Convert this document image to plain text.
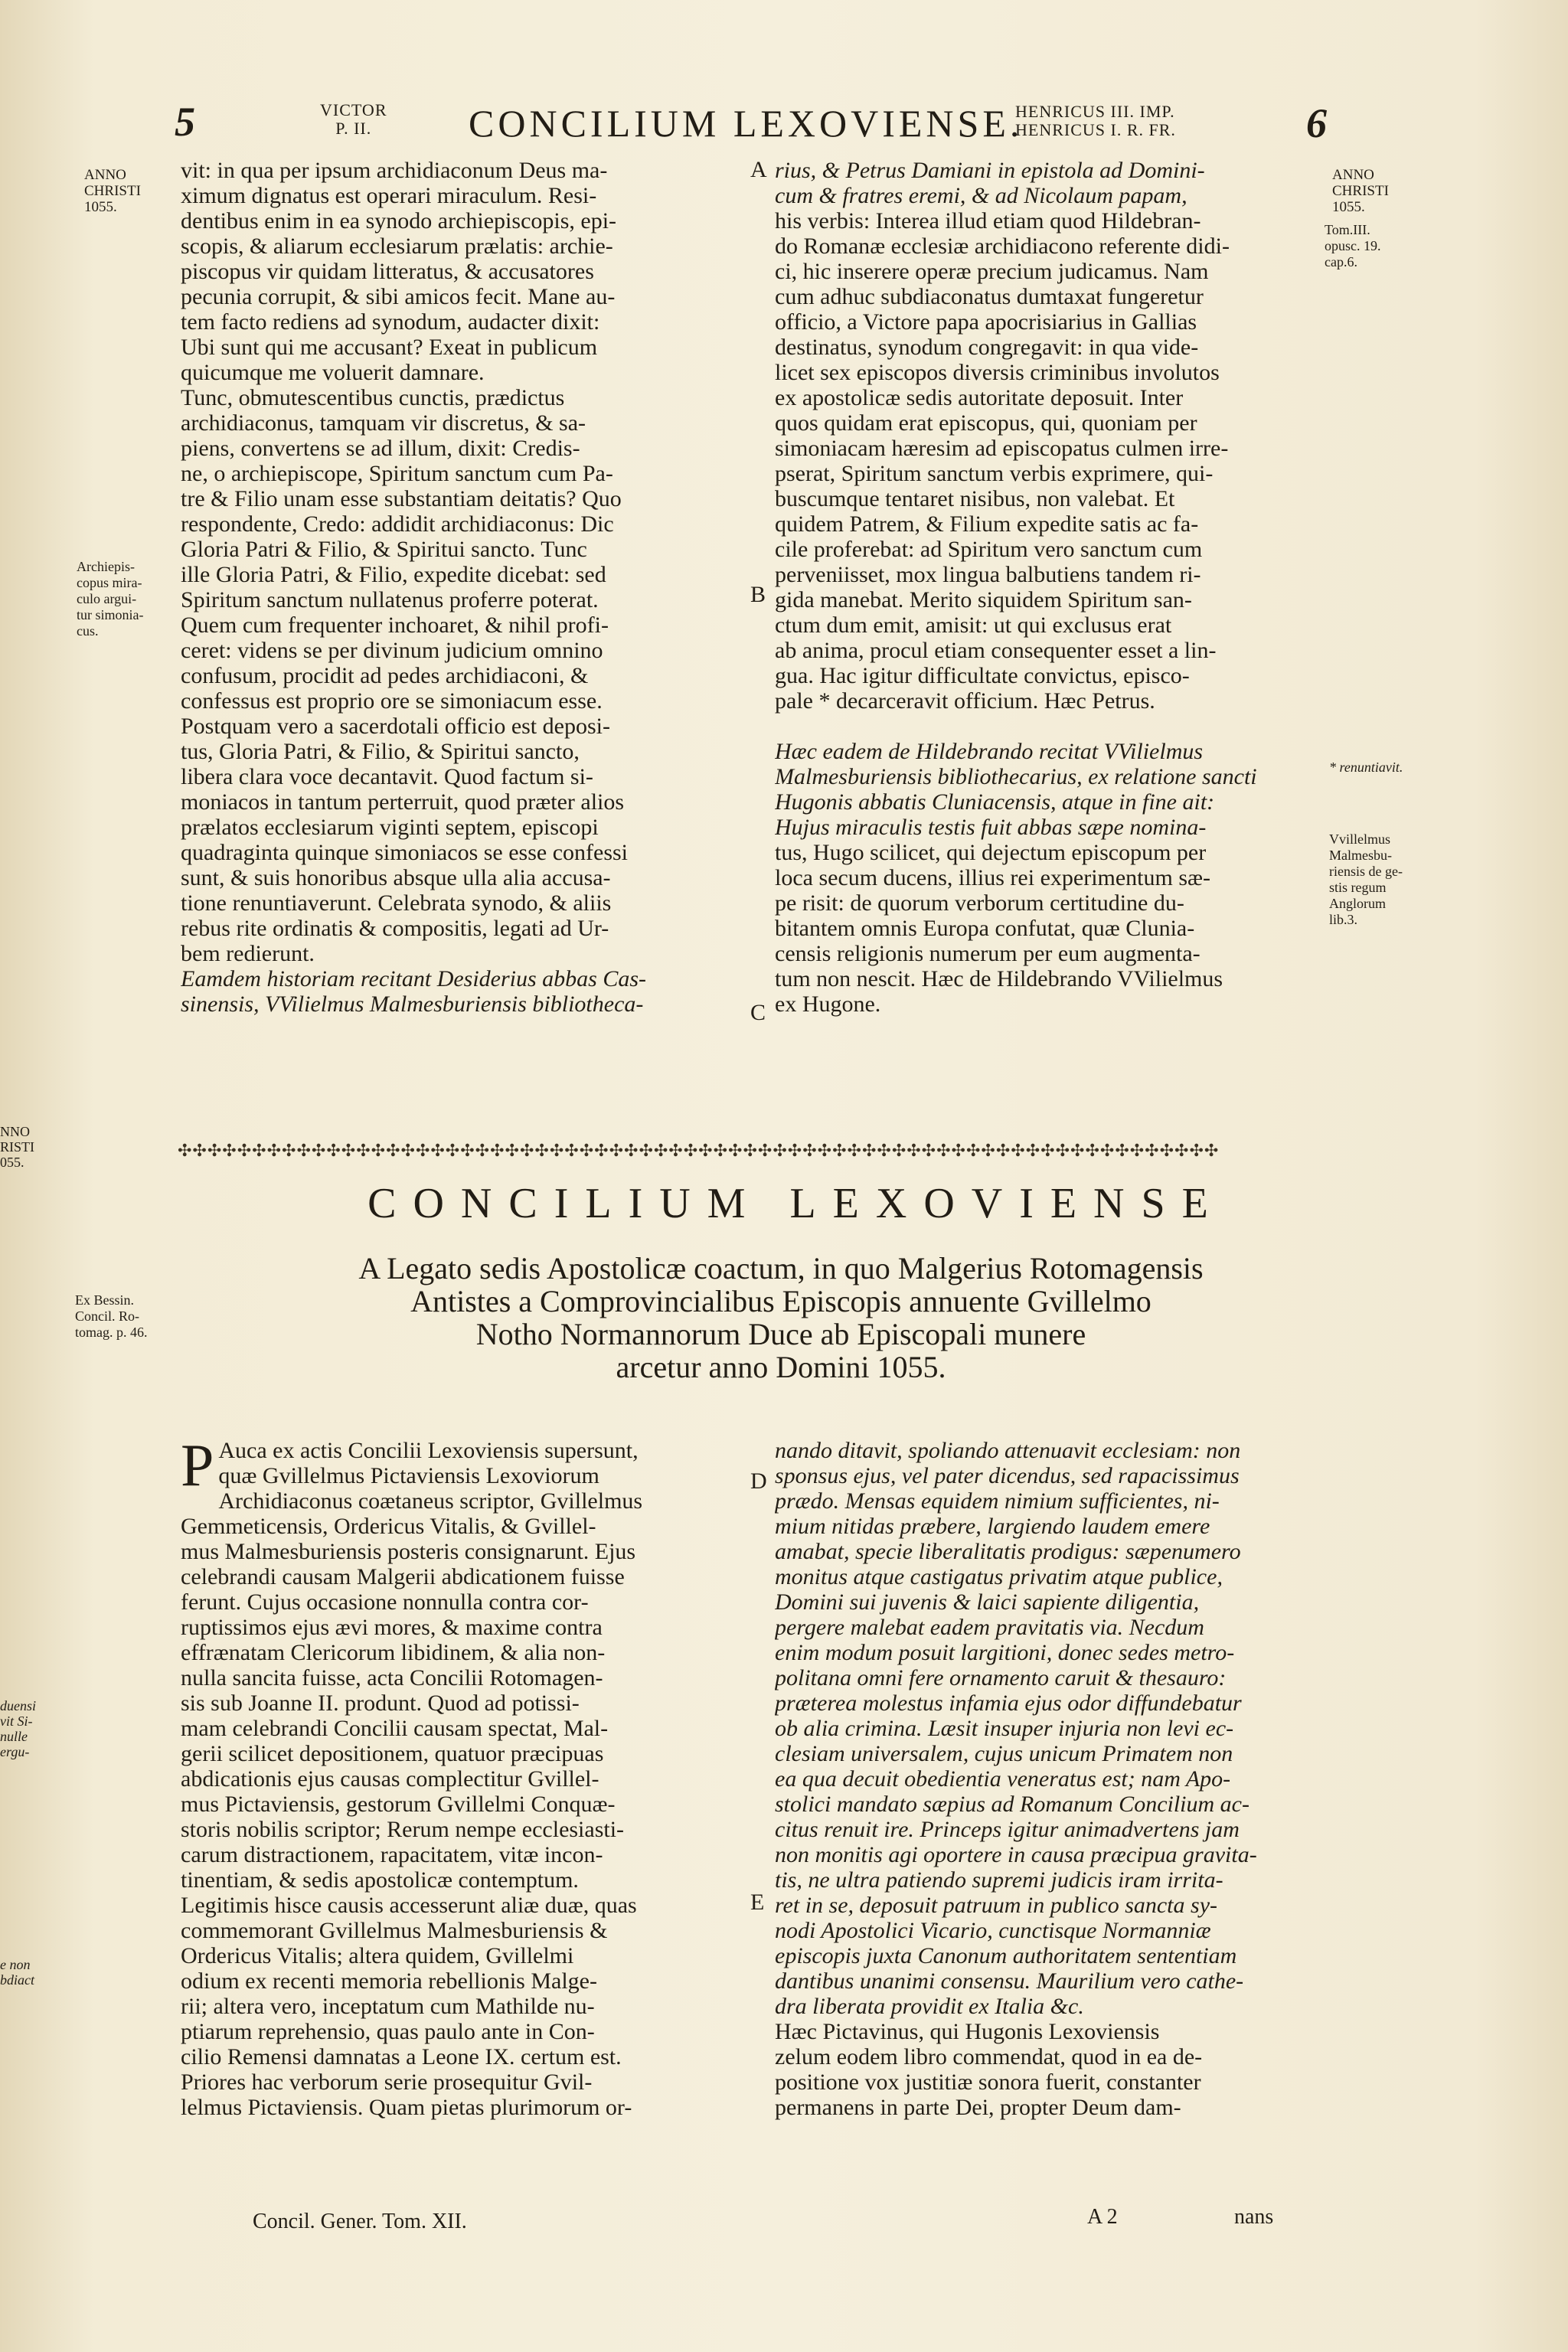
5	VICTOR
P. II.	CONCILIUM LEXOVIENSE.
HENRICUS III. IMP.
HENRICUS I. R. FR.	6
ANNO
CHRISTI
1055.
Archiepis-
copus mira-
culo argui-
tur simonia-
cus.
ANNO
CHRISTI
1055.
Tom.III.
opusc. 19.
cap.6.
* renuntiavit.
Vvillelmus
Malmesbu-
riensis de ge-
stis regum
Anglorum
lib.3.
A
B
C
D
E
vit: in qua per ipsum archidiaconum Deus ma-
ximum dignatus est operari miraculum. Resi-
dentibus enim in ea synodo archiepiscopis, epi-
scopis, & aliarum ecclesiarum prælatis: archie-
piscopus vir quidam litteratus, & accusatores
pecunia corrupit, & sibi amicos fecit. Mane au-
tem facto rediens ad synodum, audacter dixit:
Ubi sunt qui me accusant? Exeat in publicum
quicumque me voluerit damnare.
Tunc, obmutescentibus cunctis, prædictus
archidiaconus, tamquam vir discretus, & sa-
piens, convertens se ad illum, dixit: Credis-
ne, o archiepiscope, Spiritum sanctum cum Pa-
tre & Filio unam esse substantiam deitatis? Quo
respondente, Credo: addidit archidiaconus: Dic
Gloria Patri & Filio, & Spiritui sancto. Tunc
ille Gloria Patri, & Filio, expedite dicebat: sed
Spiritum sanctum nullatenus proferre poterat.
Quem cum frequenter inchoaret, & nihil profi-
ceret: videns se per divinum judicium omnino
confusum, procidit ad pedes archidiaconi, &
confessus est proprio ore se simoniacum esse.
Postquam vero a sacerdotali officio est deposi-
tus, Gloria Patri, & Filio, & Spiritui sancto,
libera clara voce decantavit. Quod factum si-
moniacos in tantum perterruit, quod præter alios
prælatos ecclesiarum viginti septem, episcopi
quadraginta quinque simoniacos se esse confessi
sunt, & suis honoribus absque ulla alia accusa-
tione renuntiaverunt. Celebrata synodo, & aliis
rebus rite ordinatis & compositis, legati ad Ur-
bem redierunt.
Eamdem historiam recitant Desiderius abbas Cas-
sinensis, VVilielmus Malmesburiensis bibliotheca-
rius, & Petrus Damiani in epistola ad Domini-
cum & fratres eremi, & ad Nicolaum papam,
his verbis: Interea illud etiam quod Hildebran-
do Romanæ ecclesiæ archidiacono referente didi-
ci, hic inserere operæ precium judicamus. Nam
cum adhuc subdiaconatus dumtaxat fungeretur
officio, a Victore papa apocrisiarius in Gallias
destinatus, synodum congregavit: in qua vide-
licet sex episcopos diversis criminibus involutos
ex apostolicæ sedis autoritate deposuit. Inter
quos quidam erat episcopus, qui, quoniam per
simoniacam hæresim ad episcopatus culmen irre-
pserat, Spiritum sanctum verbis exprimere, qui-
buscumque tentaret nisibus, non valebat. Et
quidem Patrem, & Filium expedite satis ac fa-
cile proferebat: ad Spiritum vero sanctum cum
perveniisset, mox lingua balbutiens tandem ri-
gida manebat. Merito siquidem Spiritum san-
ctum dum emit, amisit: ut qui exclusus erat
ab anima, procul etiam consequenter esset a lin-
gua. Hac igitur difficultate convictus, episco-
pale * decarceravit officium. Hæc Petrus.
Hæc eadem de Hildebrando recitat VVilielmus
Malmesburiensis bibliothecarius, ex relatione sancti
Hugonis abbatis Cluniacensis, atque in fine ait:
Hujus miraculis testis fuit abbas sæpe nomina-
tus, Hugo scilicet, qui dejectum episcopum per
loca secum ducens, illius rei experimentum sæ-
pe risit: de quorum verborum certitudine du-
bitantem omnis Europa confutat, quæ Clunia-
censis religionis numerum per eum augmenta-
tum non nescit. Hæc de Hildebrando VVilielmus
ex Hugone.
NNO
RISTI
055.
duensi
vit Si-
nulle
ergu-
e non
bdiact
✣✣✣✣✣✣✣✣✣✣✣✣✣✣✣✣✣✣✣✣✣✣✣✣✣✣✣✣✣✣✣✣✣✣✣✣✣✣✣✣✣✣✣✣✣✣✣✣✣✣✣✣✣✣✣✣✣✣✣✣✣✣✣✣✣✣✣✣✣✣
CONCILIUM LEXOVIENSE
Ex Bessin.
Concil. Ro-
tomag. p. 46.
A Legato sedis Apostolicæ coactum, in quo Malgerius Rotomagensis
Antistes a Comprovincialibus Episcopis annuente Gvillelmo
Notho Normannorum Duce ab Episcopali munere
arcetur anno Domini 1055.
P Auca ex actis Concilii Lexoviensis supersunt,
quæ Gvillelmus Pictaviensis Lexoviorum
Archidiaconus coætaneus scriptor, Gvillelmus
Gemmeticensis, Ordericus Vitalis, & Gvillel-
mus Malmesburiensis posteris consignarunt. Ejus
celebrandi causam Malgerii abdicationem fuisse
ferunt. Cujus occasione nonnulla contra cor-
ruptissimos ejus ævi mores, & maxime contra
effrænatam Clericorum libidinem, & alia non-
nulla sancita fuisse, acta Concilii Rotomagen-
sis sub Joanne II. produnt. Quod ad potissi-
mam celebrandi Concilii causam spectat, Mal-
gerii scilicet depositionem, quatuor præcipuas
abdicationis ejus causas complectitur Gvillel-
mus Pictaviensis, gestorum Gvillelmi Conquæ-
storis nobilis scriptor; Rerum nempe ecclesiasti-
carum distractionem, rapacitatem, vitæ incon-
tinentiam, & sedis apostolicæ contemptum.
Legitimis hisce causis accesserunt aliæ duæ, quas
commemorant Gvillelmus Malmesburiensis &
Ordericus Vitalis; altera quidem, Gvillelmi
odium ex recenti memoria rebellionis Malge-
rii; altera vero, inceptatum cum Mathilde nu-
ptiarum reprehensio, quas paulo ante in Con-
cilio Remensi damnatas a Leone IX. certum est.
Priores hac verborum serie prosequitur Gvil-
lelmus Pictaviensis. Quam pietas plurimorum or-
nando ditavit, spoliando attenuavit ecclesiam: non
sponsus ejus, vel pater dicendus, sed rapacissimus
prædo. Mensas equidem nimium sufficientes, ni-
mium nitidas præbere, largiendo laudem emere
amabat, specie liberalitatis prodigus: sæpenumero
monitus atque castigatus privatim atque publice,
Domini sui juvenis & laici sapiente diligentia,
pergere malebat eadem pravitatis via. Necdum
enim modum posuit largitioni, donec sedes metro-
politana omni fere ornamento caruit & thesauro:
præterea molestus infamia ejus odor diffundebatur
ob alia crimina. Læsit insuper injuria non levi ec-
clesiam universalem, cujus unicum Primatem non
ea qua decuit obedientia veneratus est; nam Apo-
stolici mandato sæpius ad Romanum Concilium ac-
citus renuit ire. Princeps igitur animadvertens jam
non monitis agi oportere in causa præcipua gravita-
tis, ne ultra patiendo supremi judicis iram irrita-
ret in se, deposuit patruum in publico sancta sy-
nodi Apostolici Vicario, cunctisque Normanniæ
episcopis juxta Canonum authoritatem sententiam
dantibus unanimi consensu. Maurilium vero cathe-
dra liberata providit ex Italia &c.
Hæc Pictavinus, qui Hugonis Lexoviensis
zelum eodem libro commendat, quod in ea de-
positione vox justitiæ sonora fuerit, constanter
permanens in parte Dei, propter Deum dam-
Concil. Gener. Tom. XII.	A 2	nans
